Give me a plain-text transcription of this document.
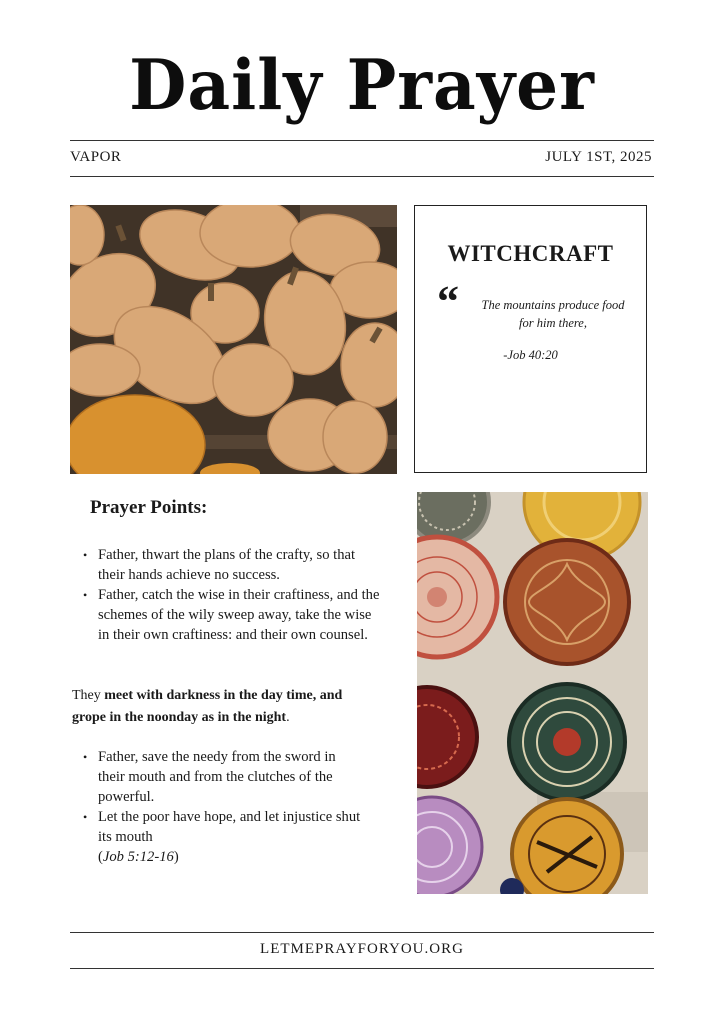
Daily Prayer
VAPOR	JULY 1ST, 2025
WITCHCRAFT
“	The mountains produce food for him there,
-Job 40:20
Prayer Points:
• Father, thwart the plans of the crafty, so that their hands achieve no success.
• Father, catch the wise in their craftiness, and the schemes of the wily sweep away, take the wise in their own craftiness: and their own counsel.
They meet with darkness in the day time, and grope in the noonday as in the night.
• Father, save the needy from the sword in their mouth and from the clutches of the powerful.
• Let the poor have hope, and let injustice shut its mouth
(Job 5:12-16)
LETMEPRAYFORYOU.ORG
